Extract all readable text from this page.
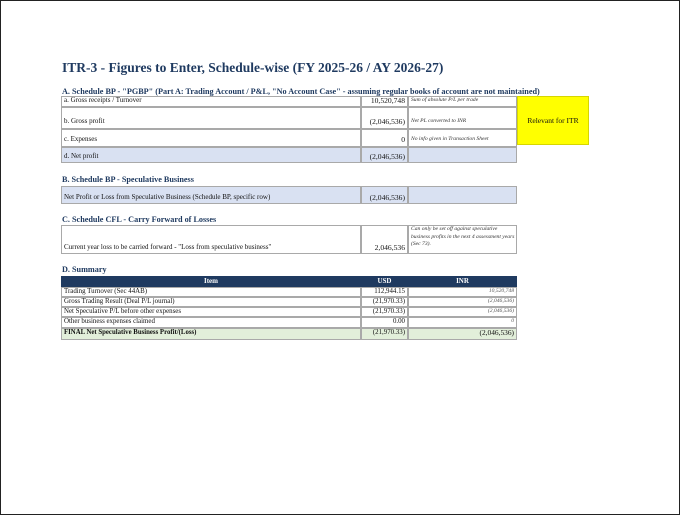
ITR-3 - Figures to Enter, Schedule-wise (FY 2025-26 / AY 2026-27)
A. Schedule BP - "PGBP" (Part A: Trading Account / P&L, "No Account Case" - assuming regular books of account are not maintained)
a. Gross receipts / Turnover	10,520,748	Sum of absolute P/L per trade
b. Gross profit	(2,046,536)	Net PL converted to INR
c. Expenses	0	No info given in Transaction Sheet
d. Net profit	(2,046,536)
Relevant for ITR
B. Schedule BP - Speculative Business
Net Profit or Loss from Speculative Business (Schedule BP, specific row)	(2,046,536)
C. Schedule CFL - Carry Forward of Losses
Current year loss to be carried forward - "Loss from speculative business"	2,046,536
Can only be set off against speculative business profits in the next 4 assessment years (Sec 73).
D. Summary
Item	USD	INR
Trading Turnover (Sec 44AB)	112,944.15	10,520,748
Gross Trading Result (Deal P/L journal)	(21,970.33)	(2,046,536)
Net Speculative P/L before other expenses	(21,970.33)	(2,046,536)
Other business expenses claimed	0.00	0
FINAL Net Speculative Business Profit/(Loss)	(21,970.33)	(2,046,536)
